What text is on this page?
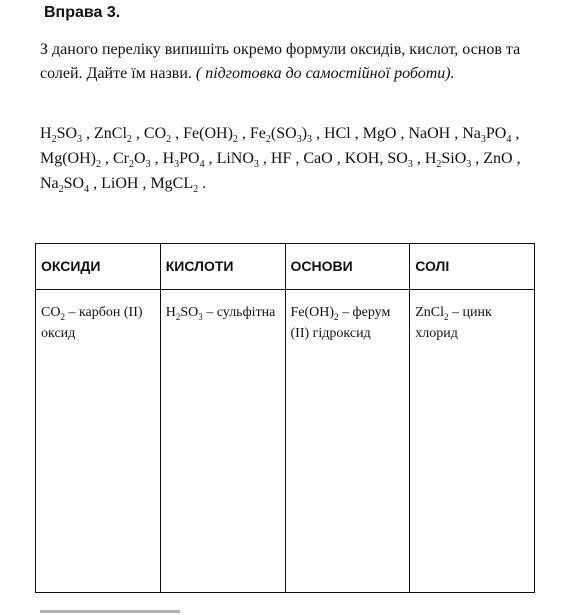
Вправа 3.
З даного переліку випишіть окремо формули оксидів, кислот, основ та солей. Дайте їм назви. ( підготовка до самостійної роботи).
$H_2SO_3$ , ZnCl$_2$ , $CO_2$ , $Fe(OH)_2$ , $Fe_2(SO_3)_3$ , HCl , MgO , NaOH , $Na_3PO_4$ , $Mg(OH)_2$ , $Cr_2O_3$ , $H_3PO_4$ , LiNO$_3$ , HF , CaO , KOH, $SO_3$ , $H_2SiO_3$ , ZnO , $Na_2SO_4$ , LiOH , MgCL$_2$ .
ОКСИДИ	КИСЛОТИ	ОСНОВИ	СОЛІ
$CO_2$ – карбон (II) оксид	$H_2SO_3$ – сульфітна	$Fe(OH)_2$ – ферум (II) гідроксид	ZnCl$_2$ – цинк хлорид
